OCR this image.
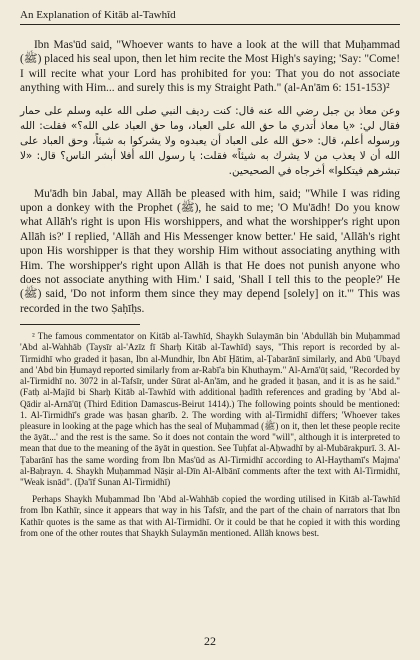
An Explanation of Kitāb al-Tawhīd

Ibn Mas'ūd said, "Whoever wants to have a look at the will that Muḥammad (ﷺ) placed his seal upon, then let him recite the Most High's saying; 'Say: "Come! I will recite what your Lord has prohibited for you: That you do not associate anything with Him... and surely this is my Straight Path." (al-An'ām 6: 151-153)²

وعن معاذ بن جبل رضي الله عنه قال: كنت رديف النبي صلى الله عليه وسلم على حمار فقال لي: «يا معاذ أتدري ما حق الله على العباد، وما حق العباد على الله؟» فقلت: الله ورسوله أعلم، قال: «حق الله على العباد أن يعبدوه ولا يشركوا به شيئاً، وحق العباد على الله أن لا يعذب من لا يشرك به شيئاً» فقلت: يا رسول الله أفلا أبشر الناس؟ قال: «لا تبشرهم فيتكلوا» أخرجاه في الصحيحين.

Mu'ādh bin Jabal, may Allāh be pleased with him, said; "While I was riding upon a donkey with the Prophet (ﷺ), he said to me; 'O Mu'ādh! Do you know what Allāh's right is upon His worshippers, and what the worshipper's right upon Allāh is?' I replied, 'Allāh and His Messenger know better.' He said, 'Allāh's right upon His worshipper is that they worship Him without associating anything with Him. The worshipper's right upon Allāh is that He does not punish anyone who does not associate anything with Him.' I said, 'Shall I tell this to the people?' He (ﷺ) said, 'Do not inform them since they may depend [solely] on it.'" This was recorded in the two Ṣaḥīḥs.

² The famous commentator on Kitāb al-Tawhīd, Shaykh Sulaymān bin 'Abdullāh bin Muḥammad 'Abd al-Wahhāb (Taysīr al-'Azīz fī Sharḥ Kitāb al-Tawhīd) says, "This report is recorded by al-Tirmidhī who graded it ḥasan, Ibn al-Mundhir, Ibn Abī Ḥātim, al-Ṭabarānī similarly, and Abū 'Ubayd and 'Abd bin Ḥumayd reported similarly from ar-Rabī'a bin Khuthaym." Al-Arnā'ūṭ said, "Recorded by al-Tirmidhī no. 3072 in al-Tafsīr, under Sūrat al-An'ām, and he graded it ḥasan, and it is as he said." (Fatḥ al-Majīd bi Sharḥ Kitāb al-Tawhīd with additional ḥadīth references and grading by 'Abd al-Qādir al-Arnā'ūṭ (Third Edition Damascus-Beirut 1414).) The following points should be mentioned: 1. Al-Tirmidhī's grade was ḥasan gharīb. 2. The wording with al-Tirmidhī differs; 'Whoever takes pleasure in looking at the page which has the seal of Muḥammad (ﷺ) on it, then let these people recite the āyāt...' and the rest is the same. So it does not contain the word "will", although it is interpreted to mean that due to the meaning of the āyāt in question. See Tuḥfat al-Aḥwadhī by al-Mubārakpurī. 3. Al-Ṭabarānī has the same wording from Ibn Mas'ūd as Al-Tirmidhī according to Al-Haythamī's Majma' al-Baḥrayn. 4. Shaykh Muḥammad Nāṣir al-Dīn Al-Albānī comments after the text with Al-Tirmidhī, "Weak isnād". (Ḍa'īf Sunan Al-Tirmidhī)

Perhaps Shaykh Muḥammad Ibn 'Abd al-Wahhāb copied the wording utilised in Kitāb al-Tawhīd from Ibn Kathīr, since it appears that way in his Tafsīr, and the part of the chain of narrators that Ibn Kathīr quotes is the same as that with Al-Tirmidhī. Or it could be that he copied it with this wording from one of the other routes that Shaykh Sulaymān mentioned. Allāh knows best.

22
